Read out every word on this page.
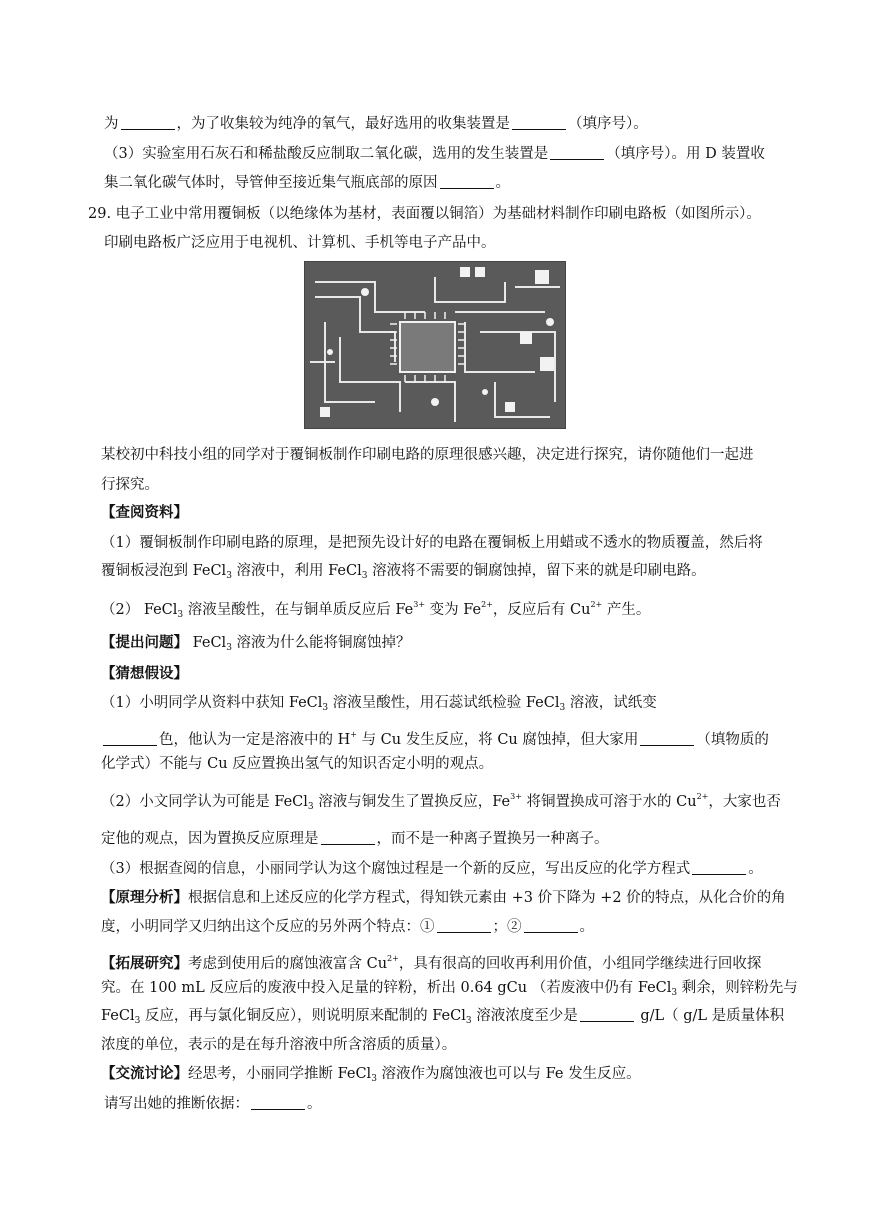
为	，为了收集较为纯净的氧气，最好选用的收集装置是	（填序号）。
（3）实验室用石灰石和稀盐酸反应制取二氧化碳，选用的发生装置是	（填序号）。用 D 装置收
集二氧化碳气体时，导管伸至接近集气瓶底部的原因	。
29. 电子工业中常用覆铜板（以绝缘体为基材，表面覆以铜箔）为基础材料制作印刷电路板（如图所示）。
印刷电路板广泛应用于电视机、计算机、手机等电子产品中。
某校初中科技小组的同学对于覆铜板制作印刷电路的原理很感兴趣，决定进行探究，请你随他们一起进
行探究。
【查阅资料】
（1）覆铜板制作印刷电路的原理，是把预先设计好的电路在覆铜板上用蜡或不透水的物质覆盖，然后将
覆铜板浸泡到 FeCl$_3$ 溶液中，利用 FeCl$_3$ 溶液将不需要的铜腐蚀掉，留下来的就是印刷电路。
（2） FeCl$_3$ 溶液呈酸性，在与铜单质反应后 $Fe^{3+}$ 变为 $Fe^{2+}$，反应后有 $Cu^{2+}$ 产生。
【提出问题】 FeCl$_3$ 溶液为什么能将铜腐蚀掉？
【猜想假设】
（1）小明同学从资料中获知 FeCl$_3$ 溶液呈酸性，用石蕊试纸检验 FeCl$_3$ 溶液，试纸变
色，他认为一定是溶液中的 H+ 与 Cu 发生反应，将 Cu 腐蚀掉，但大家用	（填物质的
化学式）不能与 Cu 反应置换出氢气的知识否定小明的观点。
（2）小文同学认为可能是 FeCl$_3$ 溶液与铜发生了置换反应，$Fe^{3+}$ 将铜置换成可溶于水的 $Cu^{2+}$，大家也否
定他的观点，因为置换反应原理是	，而不是一种离子置换另一种离子。
（3）根据查阅的信息，小丽同学认为这个腐蚀过程是一个新的反应，写出反应的化学方程式	。
【原理分析】根据信息和上述反应的化学方程式，得知铁元素由 +3 价下降为 +2 价的特点，从化合价的角
度，小明同学又归纳出这个反应的另外两个特点：①	；②	。
【拓展研究】考虑到使用后的腐蚀液富含 $Cu^{2+}$，具有很高的回收再利用价值，小组同学继续进行回收探
究。在 100 mL 反应后的废液中投入足量的锌粉，析出 0.64 gCu （若废液中仍有 FeCl$_3$ 剩余，则锌粉先与
FeCl$_3$ 反应，再与氯化铜反应），则说明原来配制的 FeCl$_3$ 溶液浓度至少是	g/L（ g/L 是质量体积
浓度的单位，表示的是在每升溶液中所含溶质的质量）。
【交流讨论】经思考，小丽同学推断 FeCl$_3$ 溶液作为腐蚀液也可以与 Fe 发生反应。
请写出她的推断依据：	。
